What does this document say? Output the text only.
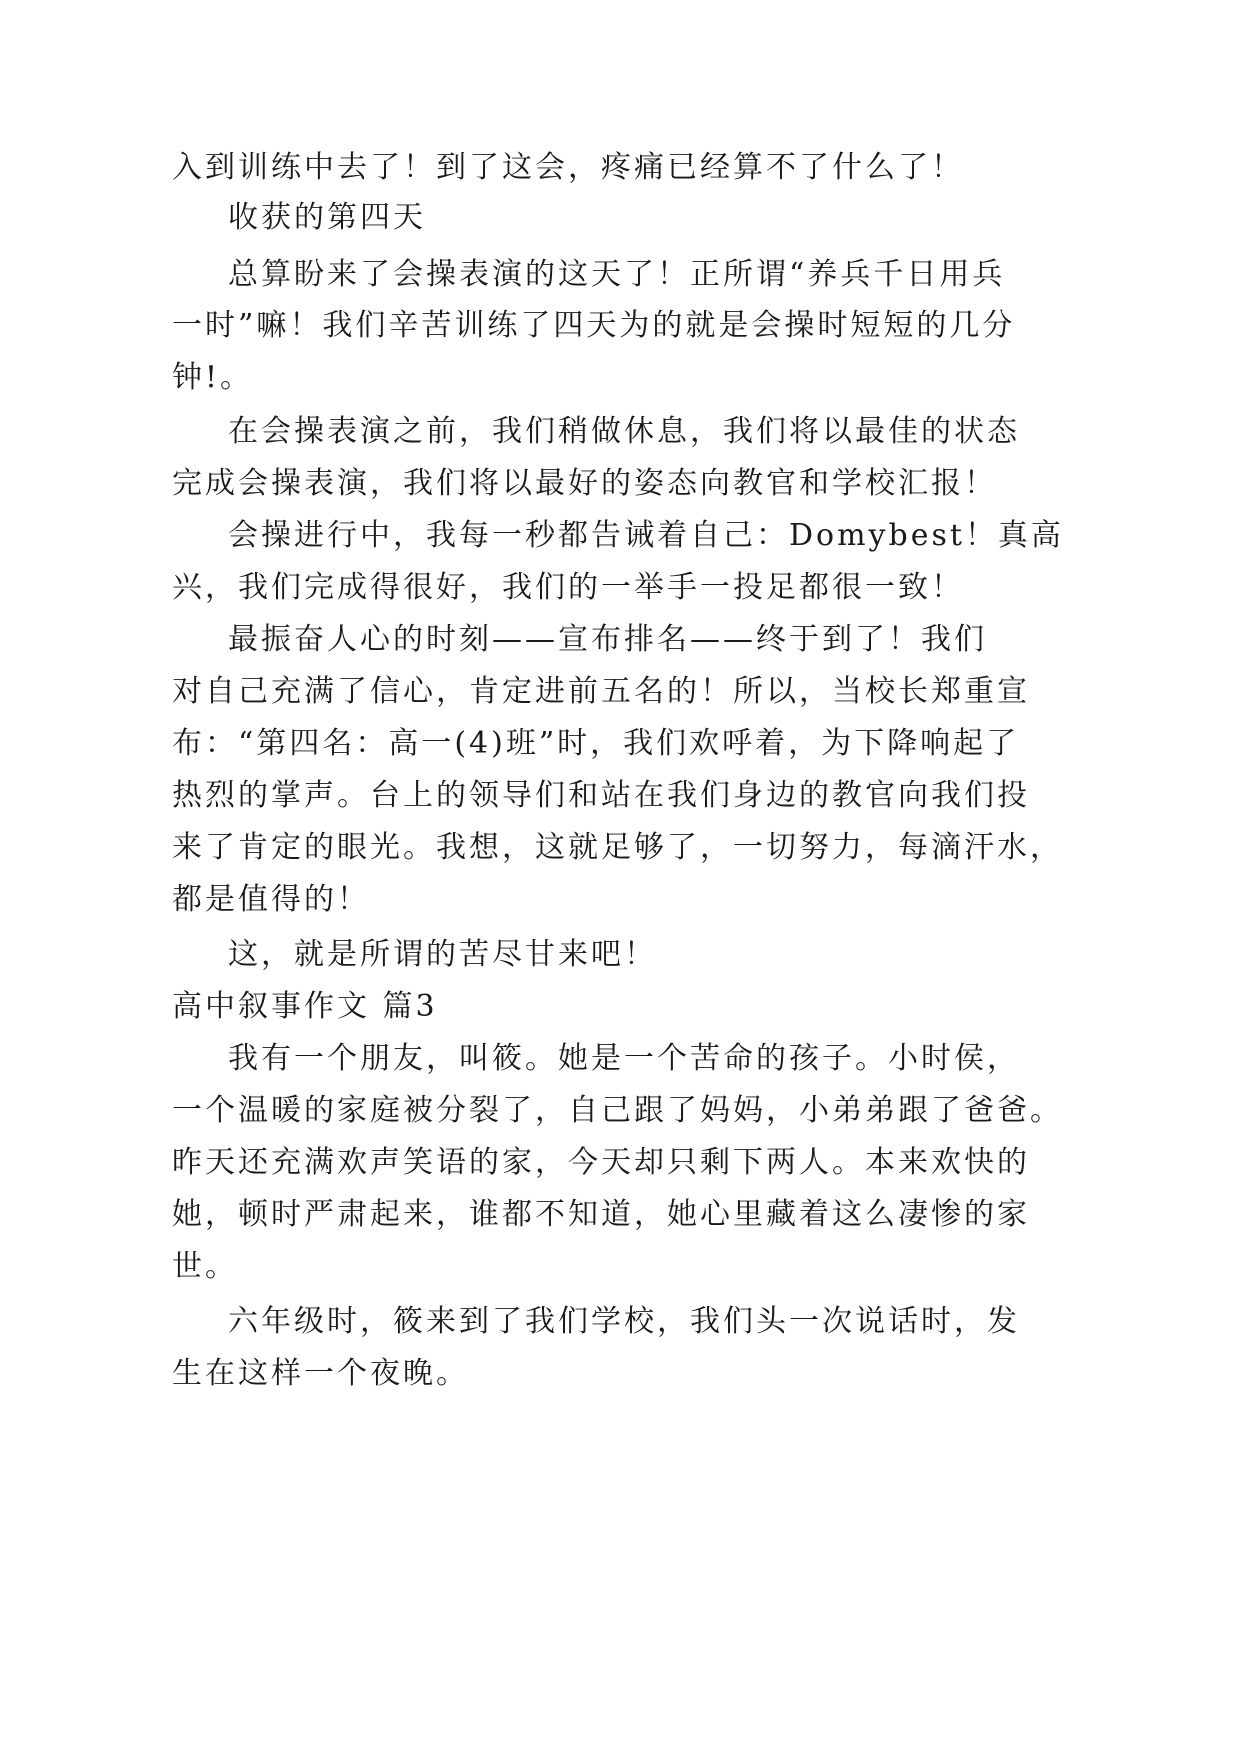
入到训练中去了！到了这会，疼痛已经算不了什么了！
收获的第四天
总算盼来了会操表演的这天了！正所谓“养兵千日用兵
一时”嘛！我们辛苦训练了四天为的就是会操时短短的几分
钟!。
在会操表演之前，我们稍做休息，我们将以最佳的状态
完成会操表演，我们将以最好的姿态向教官和学校汇报！
会操进行中，我每一秒都告诫着自己：Domybest！真高
兴，我们完成得很好，我们的一举手一投足都很一致！
最振奋人心的时刻——宣布排名——终于到了！我们
对自己充满了信心，肯定进前五名的！所以，当校长郑重宣
布：“第四名：高一(4)班”时，我们欢呼着，为下降响起了
热烈的掌声。台上的领导们和站在我们身边的教官向我们投
来了肯定的眼光。我想，这就足够了，一切努力，每滴汗水，
都是值得的！
这，就是所谓的苦尽甘来吧！
高中叙事作文 篇3
我有一个朋友，叫筱。她是一个苦命的孩子。小时侯，
一个温暖的家庭被分裂了，自己跟了妈妈，小弟弟跟了爸爸。
昨天还充满欢声笑语的家，今天却只剩下两人。本来欢快的
她，顿时严肃起来，谁都不知道，她心里藏着这么凄惨的家
世。
六年级时，筱来到了我们学校，我们头一次说话时，发
生在这样一个夜晚。
